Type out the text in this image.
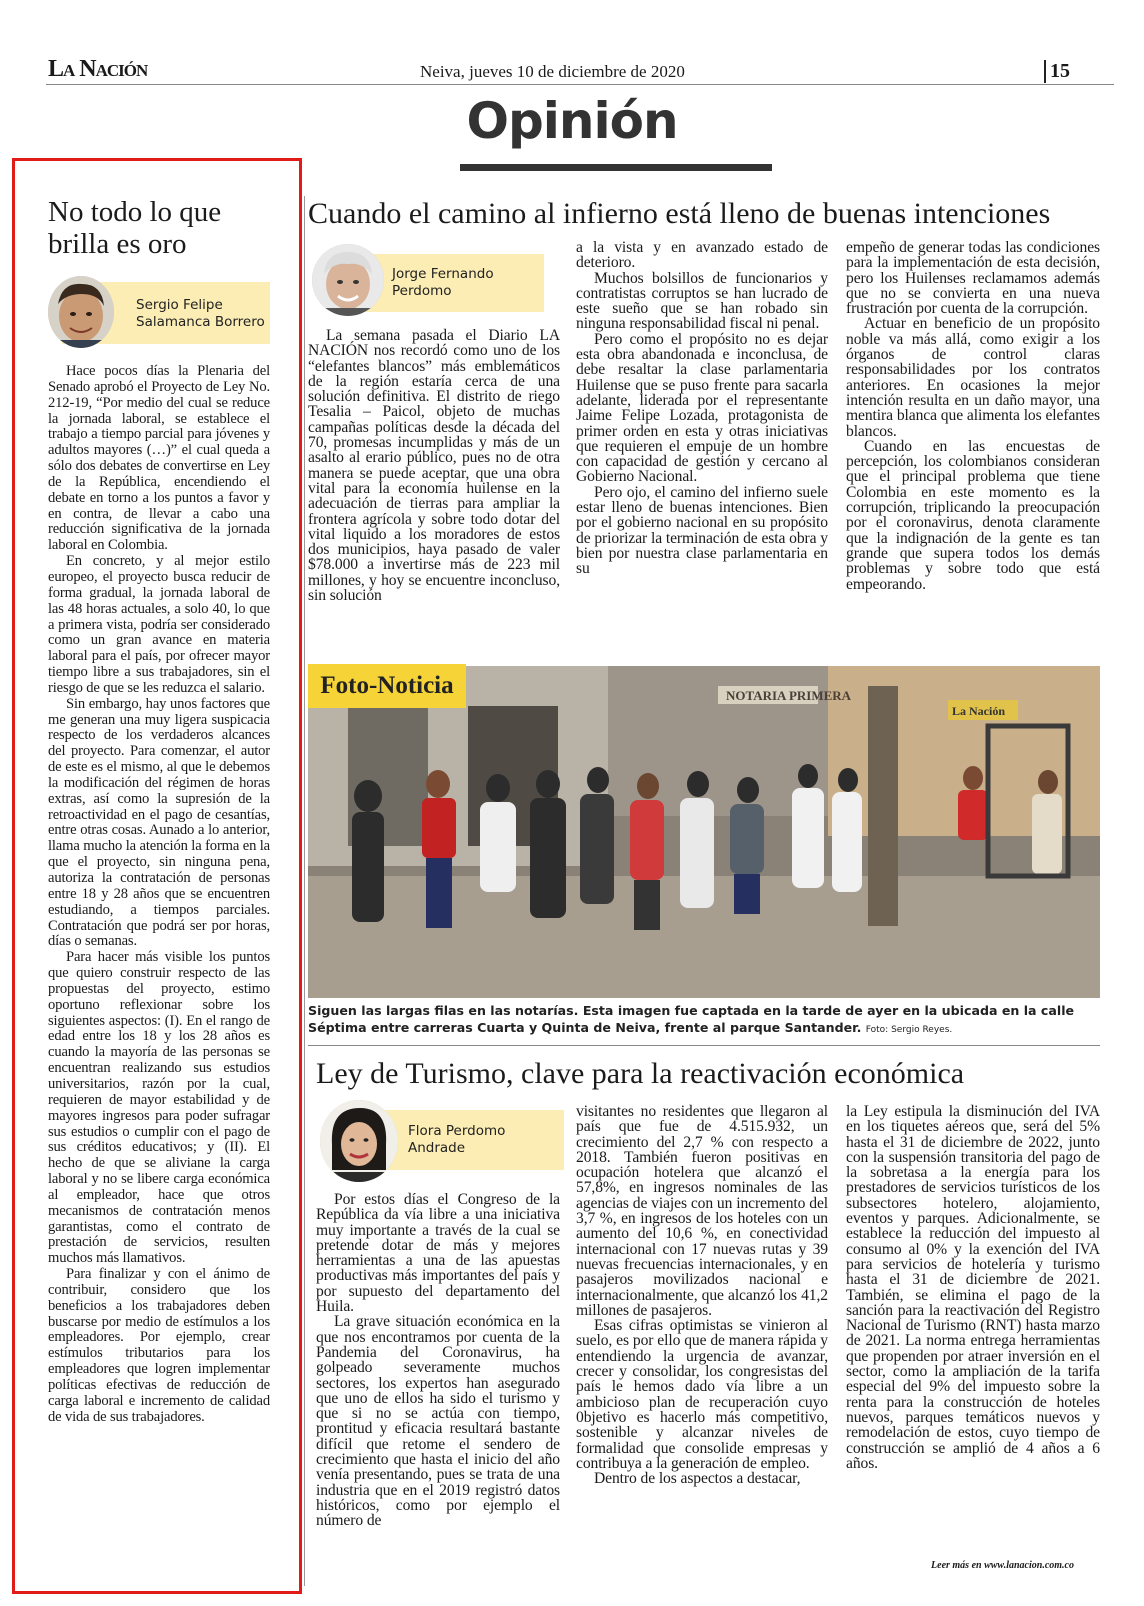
La Nación	Neiva, jueves 10 de diciembre de 2020	15
Opinión
No todo lo que brilla es oro
Sergio Felipe Salamanca Borrero

Hace pocos días la Plenaria del Senado aprobó el Proyecto de Ley No. 212-19, “Por medio del cual se reduce la jornada laboral, se establece el trabajo a tiempo parcial para jóvenes y adultos mayores (…)” el cual queda a sólo dos debates de convertirse en Ley de la República, encendiendo el debate en torno a los puntos a favor y en contra, de llevar a cabo una reducción significativa de la jornada laboral en Colombia.

En concreto, y al mejor estilo europeo, el proyecto busca reducir de forma gradual, la jornada laboral de las 48 horas actuales, a solo 40, lo que a primera vista, podría ser considerado como un gran avance en materia laboral para el país, por ofrecer mayor tiempo libre a sus trabajadores, sin el riesgo de que se les reduzca el salario.

Sin embargo, hay unos factores que me generan una muy ligera suspicacia respecto de los verdaderos alcances del proyecto. Para comenzar, el autor de este es el mismo, al que le debemos la modificación del régimen de horas extras, así como la supresión de la retroactividad en el pago de cesantías, entre otras cosas. Aunado a lo anterior, llama mucho la atención la forma en la que el proyecto, sin ninguna pena, autoriza la contratación de personas entre 18 y 28 años que se encuentren estudiando, a tiempos parciales. Contratación que podrá ser por horas, días o semanas.

Para hacer más visible los puntos que quiero construir respecto de las propuestas del proyecto, estimo oportuno reflexionar sobre los siguientes aspectos: (I). En el rango de edad entre los 18 y los 28 años es cuando la mayoría de las personas se encuentran realizando sus estudios universitarios, razón por la cual, requieren de mayor estabilidad y de mayores ingresos para poder sufragar sus estudios o cumplir con el pago de sus créditos educativos; y (II). El hecho de que se aliviane la carga laboral y no se libere carga económica al empleador, hace que otros mecanismos de contratación menos garantistas, como el contrato de prestación de servicios, resulten muchos más llamativos.

Para finalizar y con el ánimo de contribuir, considero que los beneficios a los trabajadores deben buscarse por medio de estímulos a los empleadores. Por ejemplo, crear estímulos tributarios para los empleadores que logren implementar políticas efectivas de reducción de carga laboral e incremento de calidad de vida de sus trabajadores.

Cuando el camino al infierno está lleno de buenas intenciones
Jorge Fernando Perdomo

La semana pasada el Diario LA NACIÓN nos recordó como uno de los “elefantes blancos” más emblemáticos de la región estaría cerca de una solución definitiva. El distrito de riego Tesalia – Paicol, objeto de muchas campañas políticas desde la década del 70, promesas incumplidas y más de un asalto al erario público, pues no de otra manera se puede aceptar, que una obra vital para la economía huilense en la adecuación de tierras para ampliar la frontera agrícola y sobre todo dotar del vital liquido a los moradores de estos dos municipios, haya pasado de valer $78.000 a invertirse más de 223 mil millones, y hoy se encuentre inconcluso, sin solución

a la vista y en avanzado estado de deterioro.

Muchos bolsillos de funcionarios y contratistas corruptos se han lucrado de este sueño que se han robado sin ninguna responsabilidad fiscal ni penal.

Pero como el propósito no es dejar esta obra abandonada e inconclusa, de debe resaltar la clase parlamentaria Huilense que se puso frente para sacarla adelante, liderada por el representante Jaime Felipe Lozada, protagonista de primer orden en esta y otras iniciativas que requieren el empuje de un hombre con capacidad de gestión y cercano al Gobierno Nacional.

Pero ojo, el camino del infierno suele estar lleno de buenas intenciones. Bien por el gobierno nacional en su propósito de priorizar la terminación de esta obra y bien por nuestra clase parlamentaria en su

empeño de generar todas las condiciones para la implementación de esta decisión, pero los Huilenses reclamamos además que no se convierta en una nueva frustración por cuenta de la corrupción.

Actuar en beneficio de un propósito noble va más allá, como exigir a los órganos de control claras responsabilidades por los contratos anteriores. En ocasiones la mejor intención resulta en un daño mayor, una mentira blanca que alimenta los elefantes blancos.

Cuando en las encuestas de percepción, los colombianos consideran que el principal problema que tiene Colombia en este momento es la corrupción, triplicando la preocupación por el coronavirus, denota claramente que la indignación de la gente es tan grande que supera todos los demás problemas y sobre todo que está empeorando.

NOTARIA PRIMERA
La Nación
Foto-Noticia
Siguen las largas filas en las notarías. Esta imagen fue captada en la tarde de ayer en la ubicada en la calle Séptima entre carreras Cuarta y Quinta de Neiva, frente al parque Santander. Foto: Sergio Reyes.
Ley de Turismo, clave para la reactivación económica
Flora Perdomo Andrade

Por estos días el Congreso de la República da vía libre a una iniciativa muy importante a través de la cual se pretende dotar de más y mejores herramientas a una de las apuestas productivas más importantes del país y por supuesto del departamento del Huila.

La grave situación económica en la que nos encontramos por cuenta de la Pandemia del Coronavirus, ha golpeado severamente muchos sectores, los expertos han asegurado que uno de ellos ha sido el turismo y que si no se actúa con tiempo, prontitud y eficacia resultará bastante difícil que retome el sendero de crecimiento que hasta el inicio del año venía presentando, pues se trata de una industria que en el 2019 registró datos históricos, como por ejemplo el número de

visitantes no residentes que llegaron al país que fue de 4.515.932, un crecimiento del 2,7 % con respecto a 2018. También fueron positivas en ocupación hotelera que alcanzó el 57,8%, en ingresos nominales de las agencias de viajes con un incremento del 3,7 %, en ingresos de los hoteles con un aumento del 10,6 %, en conectividad internacional con 17 nuevas rutas y 39 nuevas frecuencias internacionales, y en pasajeros movilizados nacional e internacionalmente, que alcanzó los 41,2 millones de pasajeros.

Esas cifras optimistas se vinieron al suelo, es por ello que de manera rápida y entendiendo la urgencia de avanzar, crecer y consolidar, los congresistas del país le hemos dado vía libre a un ambicioso plan de recuperación cuyo 0bjetivo es hacerlo más competitivo, sostenible y alcanzar niveles de formalidad que consolide empresas y contribuya a la generación de empleo.

Dentro de los aspectos a destacar,

la Ley estipula la disminución del IVA en los tiquetes aéreos que, será del 5% hasta el 31 de diciembre de 2022, junto con la suspensión transitoria del pago de la sobretasa a la energía para los prestadores de servicios turísticos de los subsectores hotelero, alojamiento, eventos y parques. Adicionalmente, se establece la reducción del impuesto al consumo al 0% y la exención del IVA para servicios de hotelería y turismo hasta el 31 de diciembre de 2021. También, se elimina el pago de la sanción para la reactivación del Registro Nacional de Turismo (RNT) hasta marzo de 2021. La norma entrega herramientas que propenden por atraer inversión en el sector, como la ampliación de la tarifa especial del 9% del impuesto sobre la renta para la construcción de hoteles nuevos, parques temáticos nuevos y remodelación de estos, cuyo tiempo de construcción se amplió de 4 años a 6 años.

Leer más en www.lanacion.com.co
